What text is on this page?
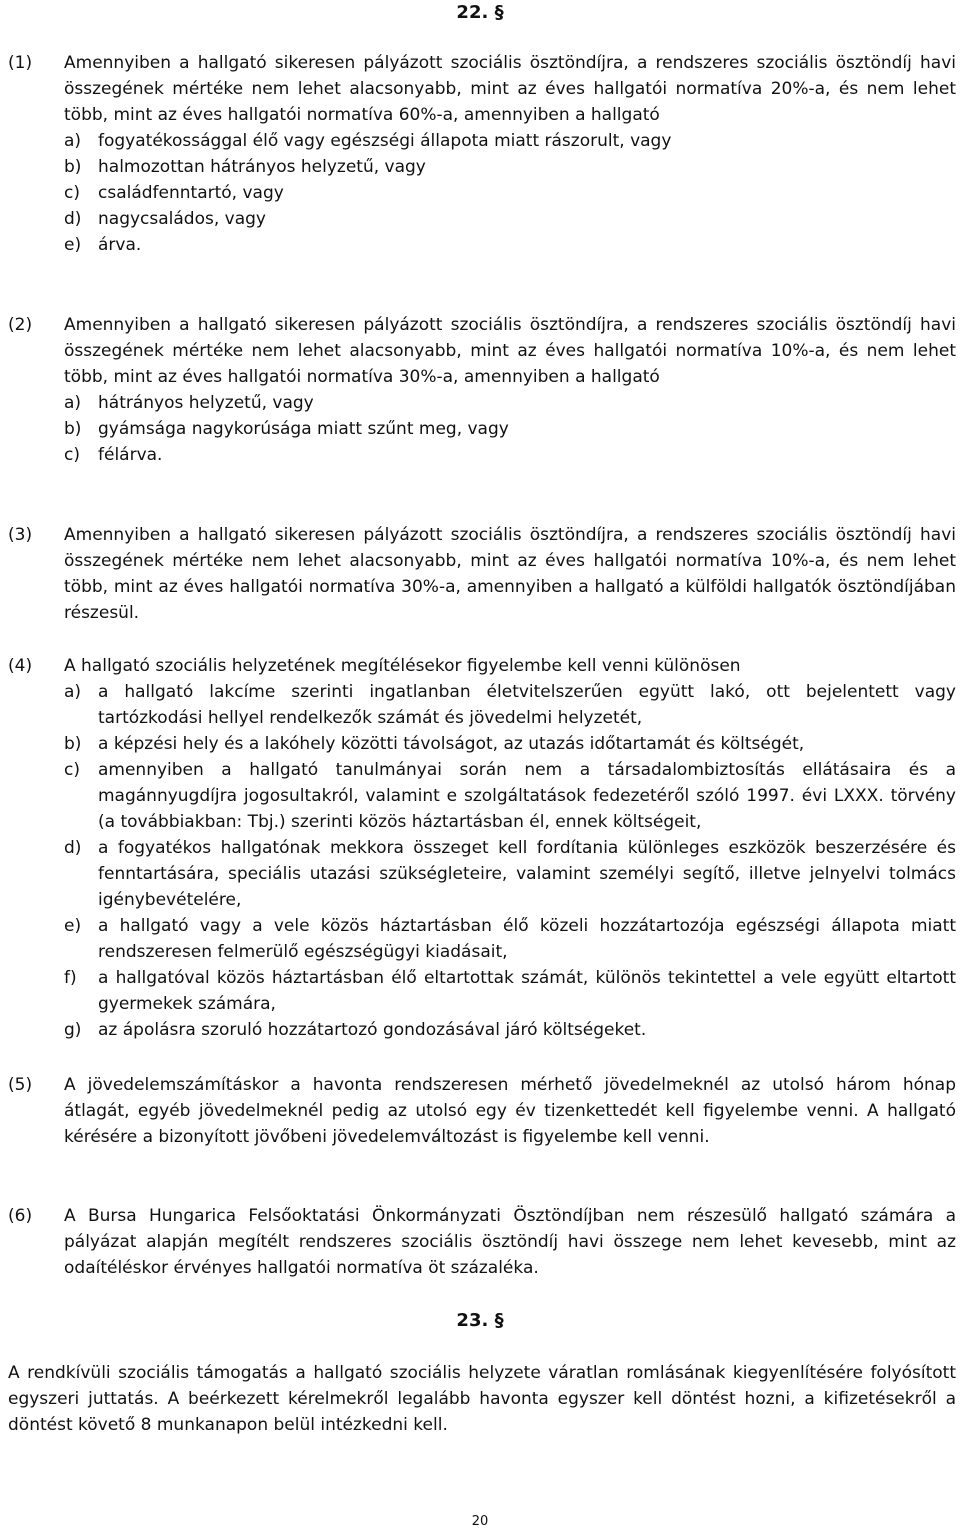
22. §
(1)	Amennyiben a hallgató sikeresen pályázott szociális ösztöndíjra, a rendszeres szociális ösztöndíj havi összegének mértéke nem lehet alacsonyabb, mint az éves hallgatói normatíva 20%-a, és nem lehet több, mint az éves hallgatói normatíva 60%-a, amennyiben a hallgató
a) fogyatékossággal élő vagy egészségi állapota miatt rászorult, vagy
b) halmozottan hátrányos helyzetű, vagy
c)	családfenntartó, vagy
d) nagycsaládos, vagy
e) árva.
(2)	Amennyiben a hallgató sikeresen pályázott szociális ösztöndíjra, a rendszeres szociális ösztöndíj havi összegének mértéke nem lehet alacsonyabb, mint az éves hallgatói normatíva 10%-a, és nem lehet több, mint az éves hallgatói normatíva 30%-a, amennyiben a hallgató
a) hátrányos helyzetű, vagy
b) gyámsága nagykorúsága miatt szűnt meg, vagy
c)	félárva.
(3)	Amennyiben a hallgató sikeresen pályázott szociális ösztöndíjra, a rendszeres szociális ösztöndíj havi összegének mértéke nem lehet alacsonyabb, mint az éves hallgatói normatíva 10%-a, és nem lehet több, mint az éves hallgatói normatíva 30%-a, amennyiben a hallgató a külföldi hallgatók ösztöndíjában részesül.
(4)	A hallgató szociális helyzetének megítélésekor figyelembe kell venni különösen
a) a hallgató lakcíme szerinti ingatlanban életvitelszerűen együtt lakó, ott bejelentett vagy tartózkodási hellyel rendelkezők számát és jövedelmi helyzetét,
b) a képzési hely és a lakóhely közötti távolságot, az utazás időtartamát és költségét,
c)	amennyiben a hallgató tanulmányai során nem a társadalombiztosítás ellátásaira és a magánnyugdíjra jogosultakról, valamint e szolgáltatások fedezetéről szóló 1997. évi LXXX. törvény (a továbbiakban: Tbj.) szerinti közös háztartásban él, ennek költségeit,
d) a fogyatékos hallgatónak mekkora összeget kell fordítania különleges eszközök beszerzésére és fenntartására, speciális utazási szükségleteire, valamint személyi segítő, illetve jelnyelvi tolmács igénybevételére,
e) a hallgató vagy a vele közös háztartásban élő közeli hozzátartozója egészségi állapota miatt rendszeresen felmerülő egészségügyi kiadásait,
f)	a hallgatóval közös háztartásban élő eltartottak számát, különös tekintettel a vele együtt eltartott gyermekek számára,
g) az ápolásra szoruló hozzátartozó gondozásával járó költségeket.
(5)	A jövedelemszámításkor a havonta rendszeresen mérhető jövedelmeknél az utolsó három hónap átlagát, egyéb jövedelmeknél pedig az utolsó egy év tizenkettedét kell figyelembe venni. A hallgató kérésére a bizonyított jövőbeni jövedelemváltozást is figyelembe kell venni.
(6)	A Bursa Hungarica Felsőoktatási Önkormányzati Ösztöndíjban nem részesülő hallgató számára a pályázat alapján megítélt rendszeres szociális ösztöndíj havi összege nem lehet kevesebb, mint az odaítéléskor érvényes hallgatói normatíva öt százaléka.
23. §
A rendkívüli szociális támogatás a hallgató szociális helyzete váratlan romlásának kiegyenlítésére folyósított egyszeri juttatás. A beérkezett kérelmekről legalább havonta egyszer kell döntést hozni, a kifizetésekről a döntést követő 8 munkanapon belül intézkedni kell.
20
